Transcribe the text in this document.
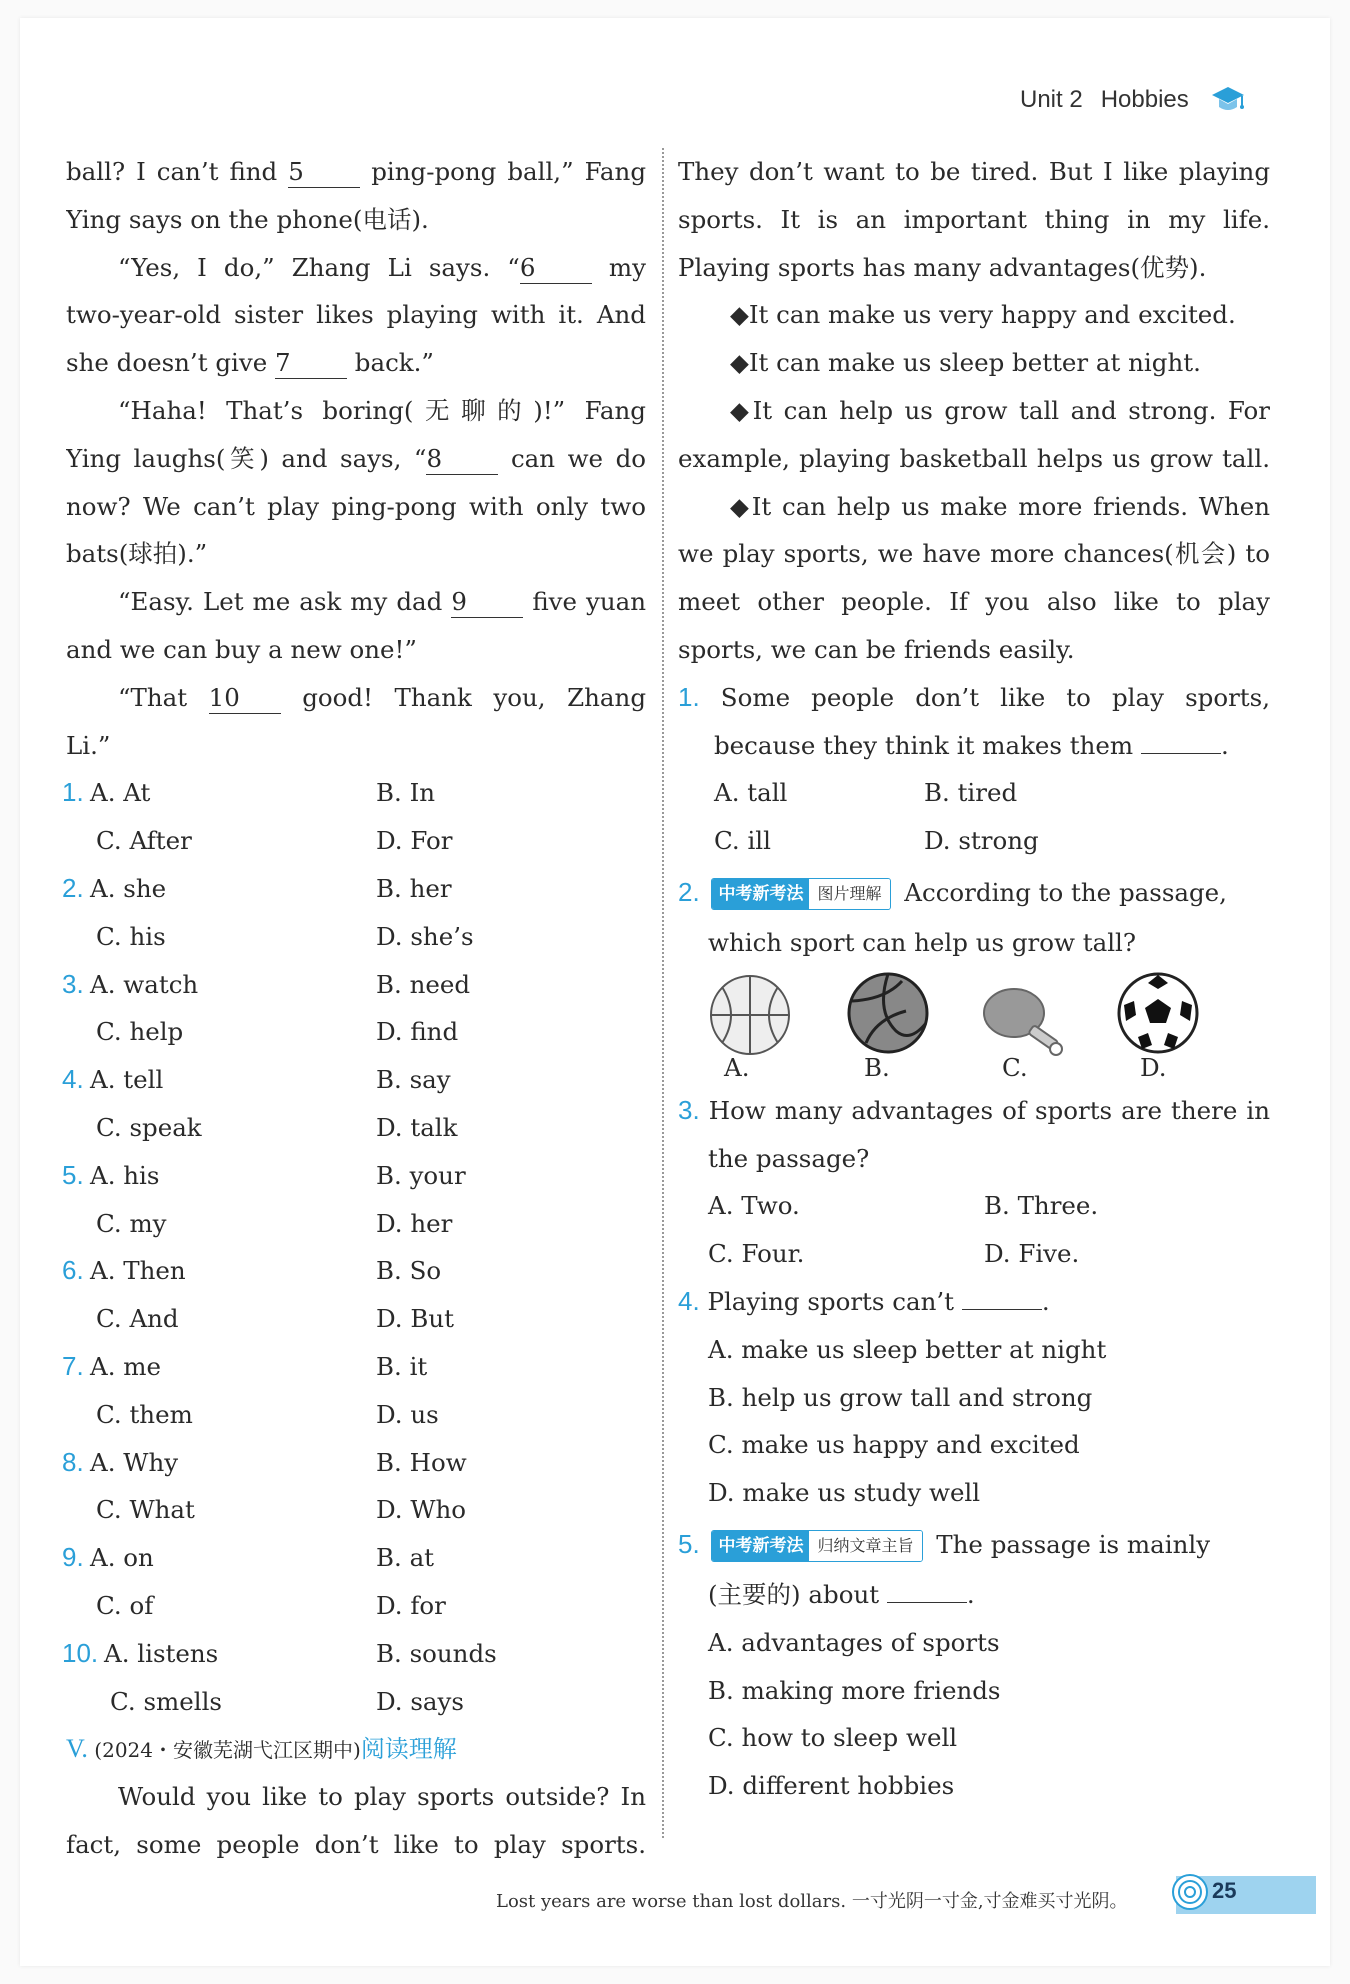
Unit 2 Hobbies
ball? I can’t find 5 ping-pong ball,” Fang
Ying says on the phone(电话).
“Yes, I do,” Zhang Li says. “6 my
two-year-old sister likes playing with it. And
she doesn’t give 7 back.”
“Haha! That’s boring(无聊的)!” Fang
Ying laughs(笑) and says, “8 can we do
now? We can’t play ping-pong with only two
bats(球拍).”
“Easy. Let me ask my dad 9 five yuan
and we can buy a new one!”
“That 10 good! Thank you, Zhang
Li.”
1. A. At	B. In
C. After	D. For
2. A. she	B. her
C. his	D. she’s
3. A. watch	B. need
C. help	D. find
4. A. tell	B. say
C. speak	D. talk
5. A. his	B. your
C. my	D. her
6. A. Then	B. So
C. And	D. But
7. A. me	B. it
C. them	D. us
8. A. Why	B. How
C. What	D. Who
9. A. on	B. at
C. of	D. for
10. A. listens	B. sounds
C. smells	D. says
V. (2024・安徽芜湖弋江区期中)阅读理解
Would you like to play sports outside? In
fact, some people don’t like to play sports.
They don’t want to be tired. But I like playing
sports. It is an important thing in my life.
Playing sports has many advantages(优势).
◆It can make us very happy and excited.
◆It can make us sleep better at night.
◆It can help us grow tall and strong. For
example, playing basketball helps us grow tall.
◆It can help us make more friends. When
we play sports, we have more chances(机会) to
meet other people. If you also like to play
sports, we can be friends easily.
1. Some people don’t like to play sports,
because they think it makes them	.
A. tall	B. tired
C. ill	D. strong
2.	中考新考法 图片理解 According to the passage,
which sport can help us grow tall?
A.	B.	C.	D.
3. How many advantages of sports are there in
the passage?
A. Two.	B. Three.
C. Four.	D. Five.
4. Playing sports can’t	.
A. make us sleep better at night
B. help us grow tall and strong
C. make us happy and excited
D. make us study well
5.	中考新考法 归纳文章主旨 The passage is mainly
(主要的) about	.
A. advantages of sports
B. making more friends
C. how to sleep well
D. different hobbies
Lost years are worse than lost dollars. 一寸光阴一寸金,寸金难买寸光阴。	25
